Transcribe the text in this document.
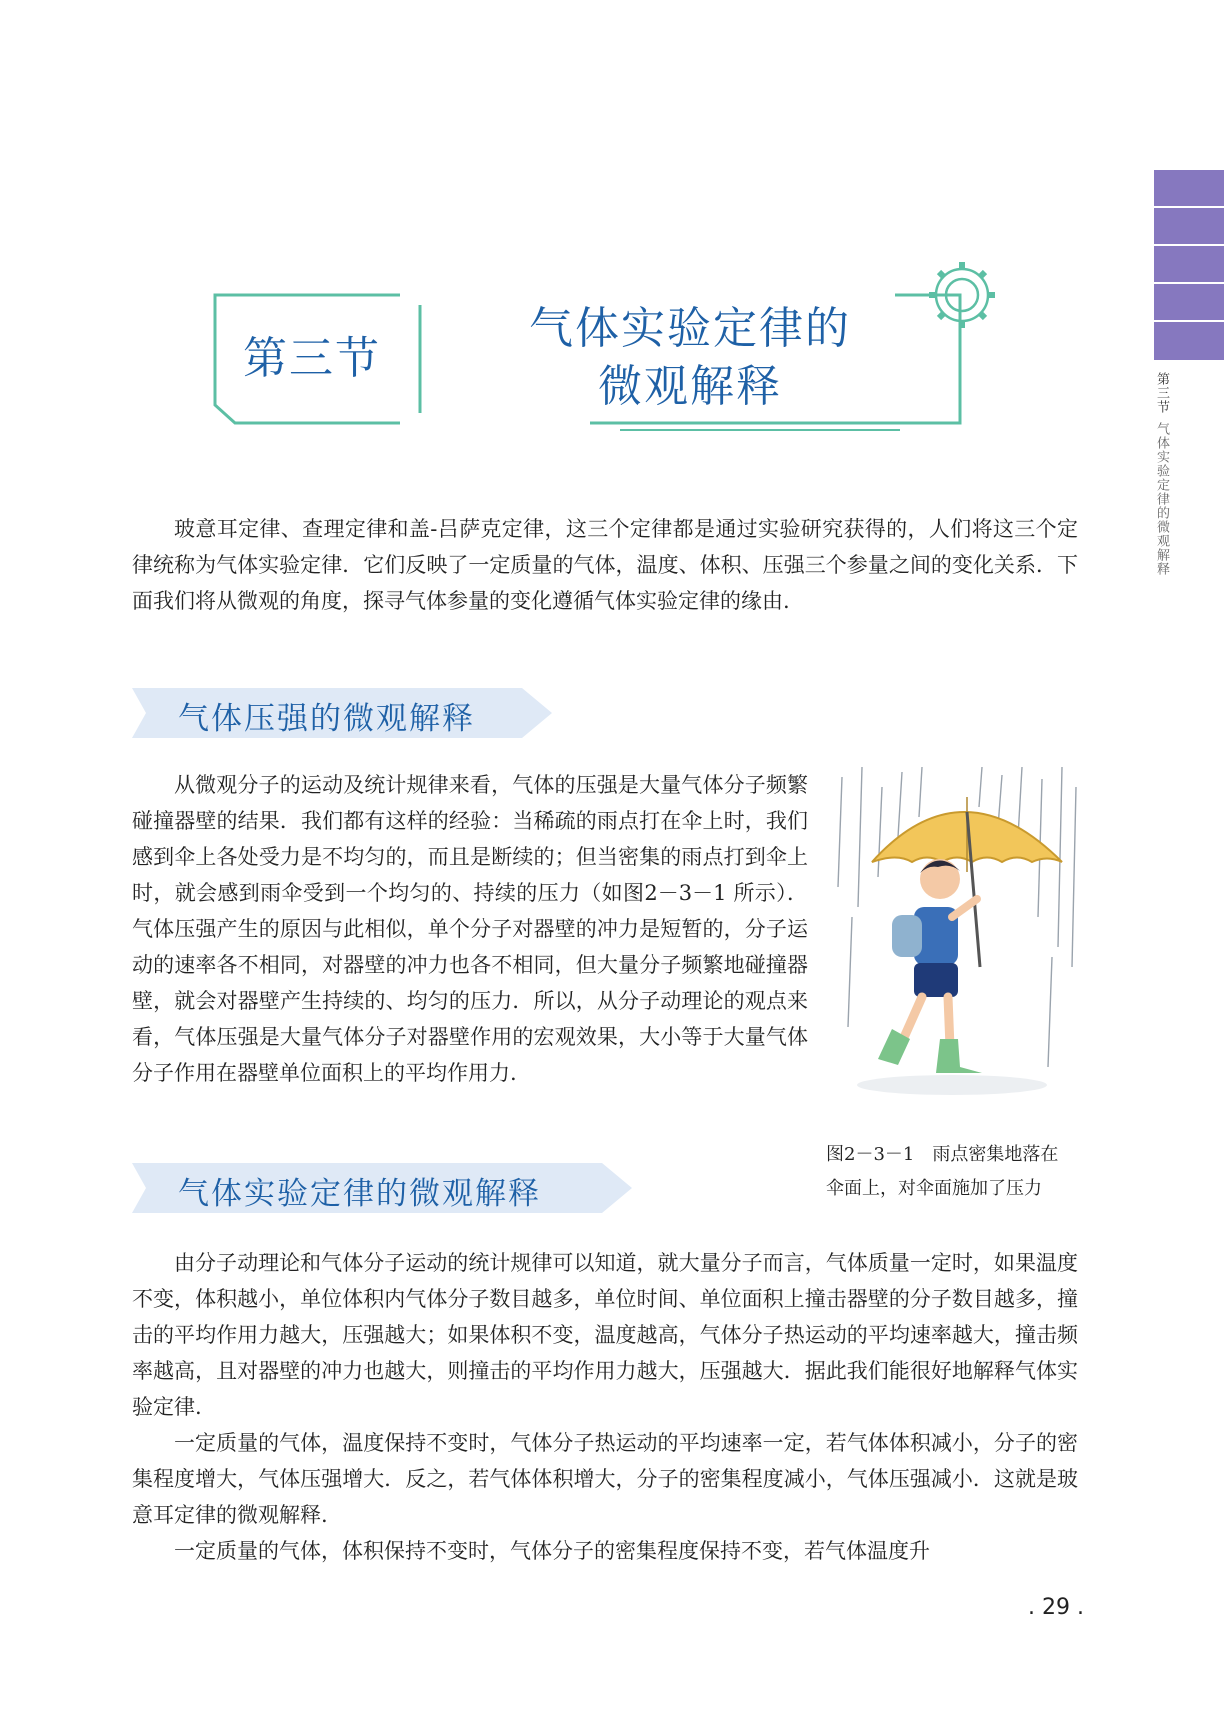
第三节气体实验定律的微观解释
第三节
气体实验定律的
微观解释

玻意耳定律、查理定律和盖-吕萨克定律，这三个定律都是通过实验研究获得的，人们将这三个定律统称为气体实验定律．它们反映了一定质量的气体，温度、体积、压强三个参量之间的变化关系．下面我们将从微观的角度，探寻气体参量的变化遵循气体实验定律的缘由.

气体压强的微观解释

从微观分子的运动及统计规律来看，气体的压强是大量气体分子频繁碰撞器壁的结果．我们都有这样的经验：当稀疏的雨点打在伞上时，我们感到伞上各处受力是不均匀的，而且是断续的；但当密集的雨点打到伞上时，就会感到雨伞受到一个均匀的、持续的压力（如图2－3－1 所示）．气体压强产生的原因与此相似，单个分子对器壁的冲力是短暂的，分子运动的速率各不相同，对器壁的冲力也各不相同，但大量分子频繁地碰撞器壁，就会对器壁产生持续的、均匀的压力．所以，从分子动理论的观点来看，气体压强是大量气体分子对器壁作用的宏观效果，大小等于大量气体分子作用在器壁单位面积上的平均作用力.

图2－3－1　雨点密集地落在
伞面上，对伞面施加了压力
气体实验定律的微观解释

由分子动理论和气体分子运动的统计规律可以知道，就大量分子而言，气体质量一定时，如果温度不变，体积越小，单位体积内气体分子数目越多，单位时间、单位面积上撞击器壁的分子数目越多，撞击的平均作用力越大，压强越大；如果体积不变，温度越高，气体分子热运动的平均速率越大，撞击频率越高，且对器壁的冲力也越大，则撞击的平均作用力越大，压强越大．据此我们能很好地解释气体实验定律.

一定质量的气体，温度保持不变时，气体分子热运动的平均速率一定，若气体体积减小，分子的密集程度增大，气体压强增大．反之，若气体体积增大，分子的密集程度减小，气体压强减小．这就是玻意耳定律的微观解释.

一定质量的气体，体积保持不变时，气体分子的密集程度保持不变，若气体温度升

. 29 .
